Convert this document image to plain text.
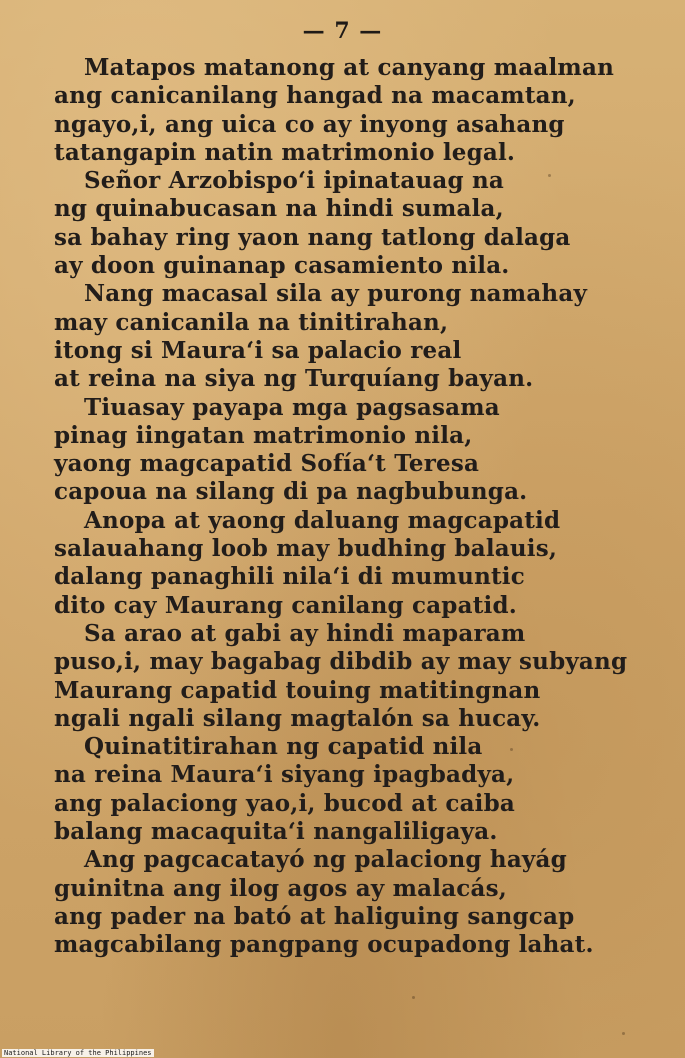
— 7 —
Matapos matanong at canyang maalman
ang canicanilang hangad na macamtan,
ngayo,i, ang uica co ay inyong asahang
tatangapin natin matrimonio legal.
Señor Arzobispo‘i ipinatauag na
ng quinabucasan na hindi sumala,
sa bahay ring yaon nang tatlong dalaga
ay doon guinanap casamiento nila.
Nang macasal sila ay purong namahay
may canicanila na tinitirahan,
itong si Maura‘i sa palacio real
at reina na siya ng Turquíang bayan.
Tiuasay payapa mga pagsasama
pinag iingatan matrimonio nila,
yaong magcapatid Sofía‘t Teresa
capoua na silang di pa nagbubunga.
Anopa at yaong daluang magcapatid
salauahang loob may budhing balauis,
dalang panaghili nila‘i di mumuntic
dito cay Maurang canilang capatid.
Sa arao at gabi ay hindi maparam
puso,i, may bagabag dibdib ay may subyang
Maurang capatid touing matitingnan
ngali ngali silang magtalón sa hucay.
Quinatitirahan ng capatid nila
na reina Maura‘i siyang ipagbadya,
ang palaciong yao,i, bucod at caiba
balang macaquita‘i nangaliligaya.
Ang pagcacatayó ng palaciong hayág
guinitna ang ilog agos ay malacás,
ang pader na bató at haliguing sangcap
magcabilang pangpang ocupadong lahat.
National Library of the Philippines
